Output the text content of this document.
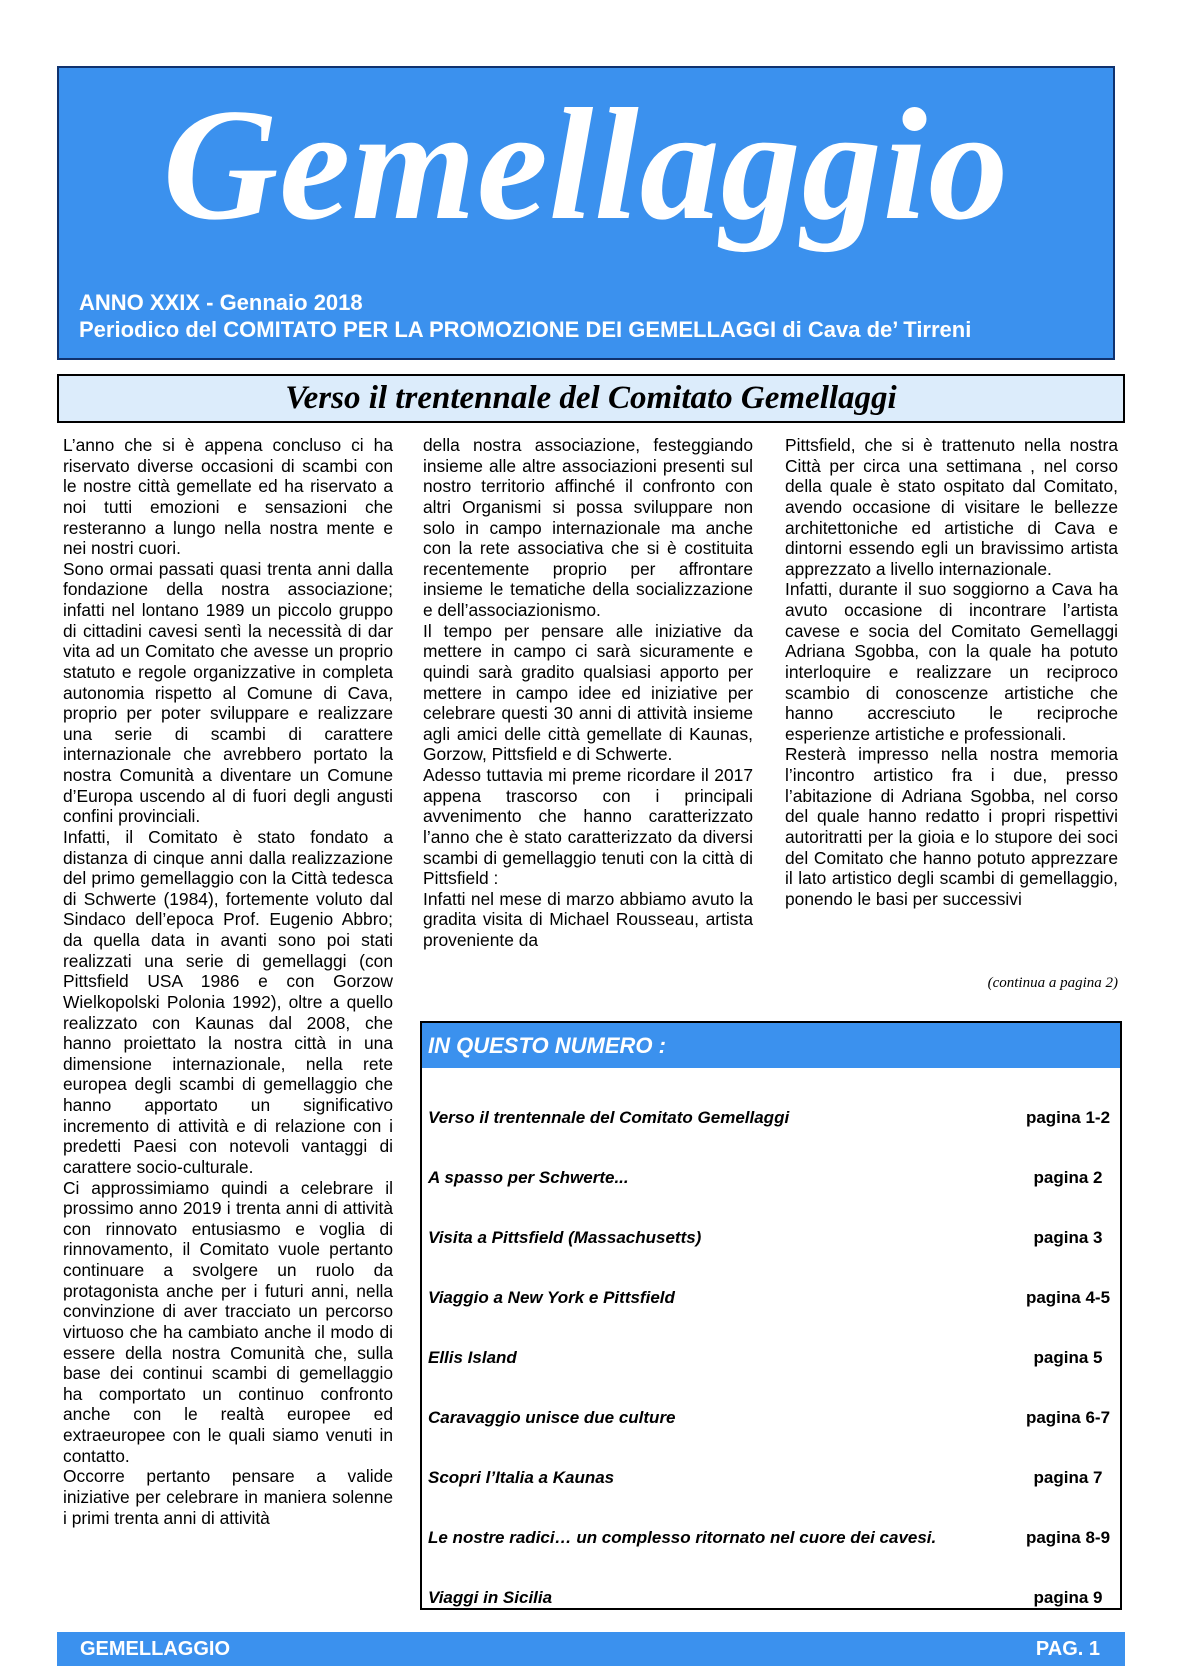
Gemellaggio
ANNO XXIX - Gennaio 2018
Periodico del COMITATO PER LA PROMOZIONE DEI GEMELLAGGI di Cava de’ Tirreni
Verso il trentennale del Comitato Gemellaggi

L’anno che si è appena concluso ci ha riservato diverse occasioni di scambi con le nostre città gemellate ed ha riservato a noi tutti emozioni e sensazioni che resteranno a lungo nella nostra mente e nei nostri cuori.

Sono ormai passati quasi trenta anni dalla fondazione della nostra associazione; infatti nel lontano 1989 un piccolo gruppo di cittadini cavesi sentì la necessità di dar vita ad un Comitato che avesse un proprio statuto e regole organizzative in completa autonomia rispetto al Comune di Cava, proprio per poter sviluppare e realizzare una serie di scambi di carattere internazionale che avrebbero portato la nostra Comunità a diventare un Comune d’Europa uscendo al di fuori degli angusti confini provinciali.

Infatti, il Comitato è stato fondato a distanza di cinque anni dalla realizzazione del primo gemellaggio con la Città tedesca di Schwerte (1984), fortemente voluto dal Sindaco dell’epoca Prof. Eugenio Abbro; da quella data in avanti sono poi stati realizzati una serie di gemellaggi (con Pittsfield USA 1986 e con Gorzow Wielkopolski Polonia 1992), oltre a quello realizzato con Kaunas dal 2008, che hanno proiettato la nostra città in una dimensione internazionale, nella rete europea degli scambi di gemellaggio che hanno apportato un significativo incremento di attività e di relazione con i predetti Paesi con notevoli vantaggi di carattere socio-culturale.

Ci approssimiamo quindi a celebrare il prossimo anno 2019 i trenta anni di attività con rinnovato entusiasmo e voglia di rinnovamento, il Comitato vuole pertanto continuare a svolgere un ruolo da protagonista anche per i futuri anni, nella convinzione di aver tracciato un percorso virtuoso che ha cambiato anche il modo di essere della nostra Comunità che, sulla base dei continui scambi di gemellaggio ha comportato un continuo confronto anche con le realtà europee ed extraeuropee con le quali siamo venuti in contatto.

Occorre pertanto pensare a valide iniziative per celebrare in maniera solenne i primi trenta anni di attività

della nostra associazione, festeggiando insieme alle altre associazioni presenti sul nostro territorio affinché il confronto con altri Organismi si possa sviluppare non solo in campo internazionale ma anche con la rete associativa che si è costituita recentemente proprio per affrontare insieme le tematiche della socializzazione e dell’associazionismo.

Il tempo per pensare alle iniziative da mettere in campo ci sarà sicuramente e quindi sarà gradito qualsiasi apporto per mettere in campo idee ed iniziative per celebrare questi 30 anni di attività insieme agli amici delle città gemellate di Kaunas, Gorzow, Pittsfield e di Schwerte.

Adesso tuttavia mi preme ricordare il 2017 appena trascorso con i principali avvenimento che hanno caratterizzato l’anno che è stato caratterizzato da diversi scambi di gemellaggio tenuti con la città di Pittsfield :

Infatti nel mese di marzo abbiamo avuto la gradita visita di Michael Rousseau, artista proveniente da

Pittsfield, che si è trattenuto nella nostra Città per circa una settimana , nel corso della quale è stato ospitato dal Comitato, avendo occasione di visitare le bellezze architettoniche ed artistiche di Cava e dintorni essendo egli un bravissimo artista apprezzato a livello internazionale.

Infatti, durante il suo soggiorno a Cava ha avuto occasione di incontrare l’artista cavese e socia del Comitato Gemellaggi Adriana Sgobba, con la quale ha potuto interloquire e realizzare un reciproco scambio di conoscenze artistiche che hanno accresciuto le reciproche esperienze artistiche e professionali.

Resterà impresso nella nostra memoria l’incontro artistico fra i due, presso l’abitazione di Adriana Sgobba, nel corso del quale hanno redatto i propri rispettivi autoritratti per la gioia e lo stupore dei soci del Comitato che hanno potuto apprezzare il lato artistico degli scambi di gemellaggio, ponendo le basi per successivi

(continua a pagina 2)
IN QUESTO NUMERO :
Verso il trentennale del Comitato Gemellaggi	pagina 1-2
A spasso per Schwerte...	pagina 2
Visita a Pittsfield (Massachusetts)	pagina 3
Viaggio a New York e Pittsfield	pagina 4-5
Ellis Island	pagina 5
Caravaggio unisce due culture	pagina 6-7
Scopri l’Italia a Kaunas	pagina 7
Le nostre radici… un complesso ritornato nel cuore dei cavesi.	pagina 8-9
Viaggi in Sicilia	pagina 9
GEMELLAGGIO	PAG. 1
